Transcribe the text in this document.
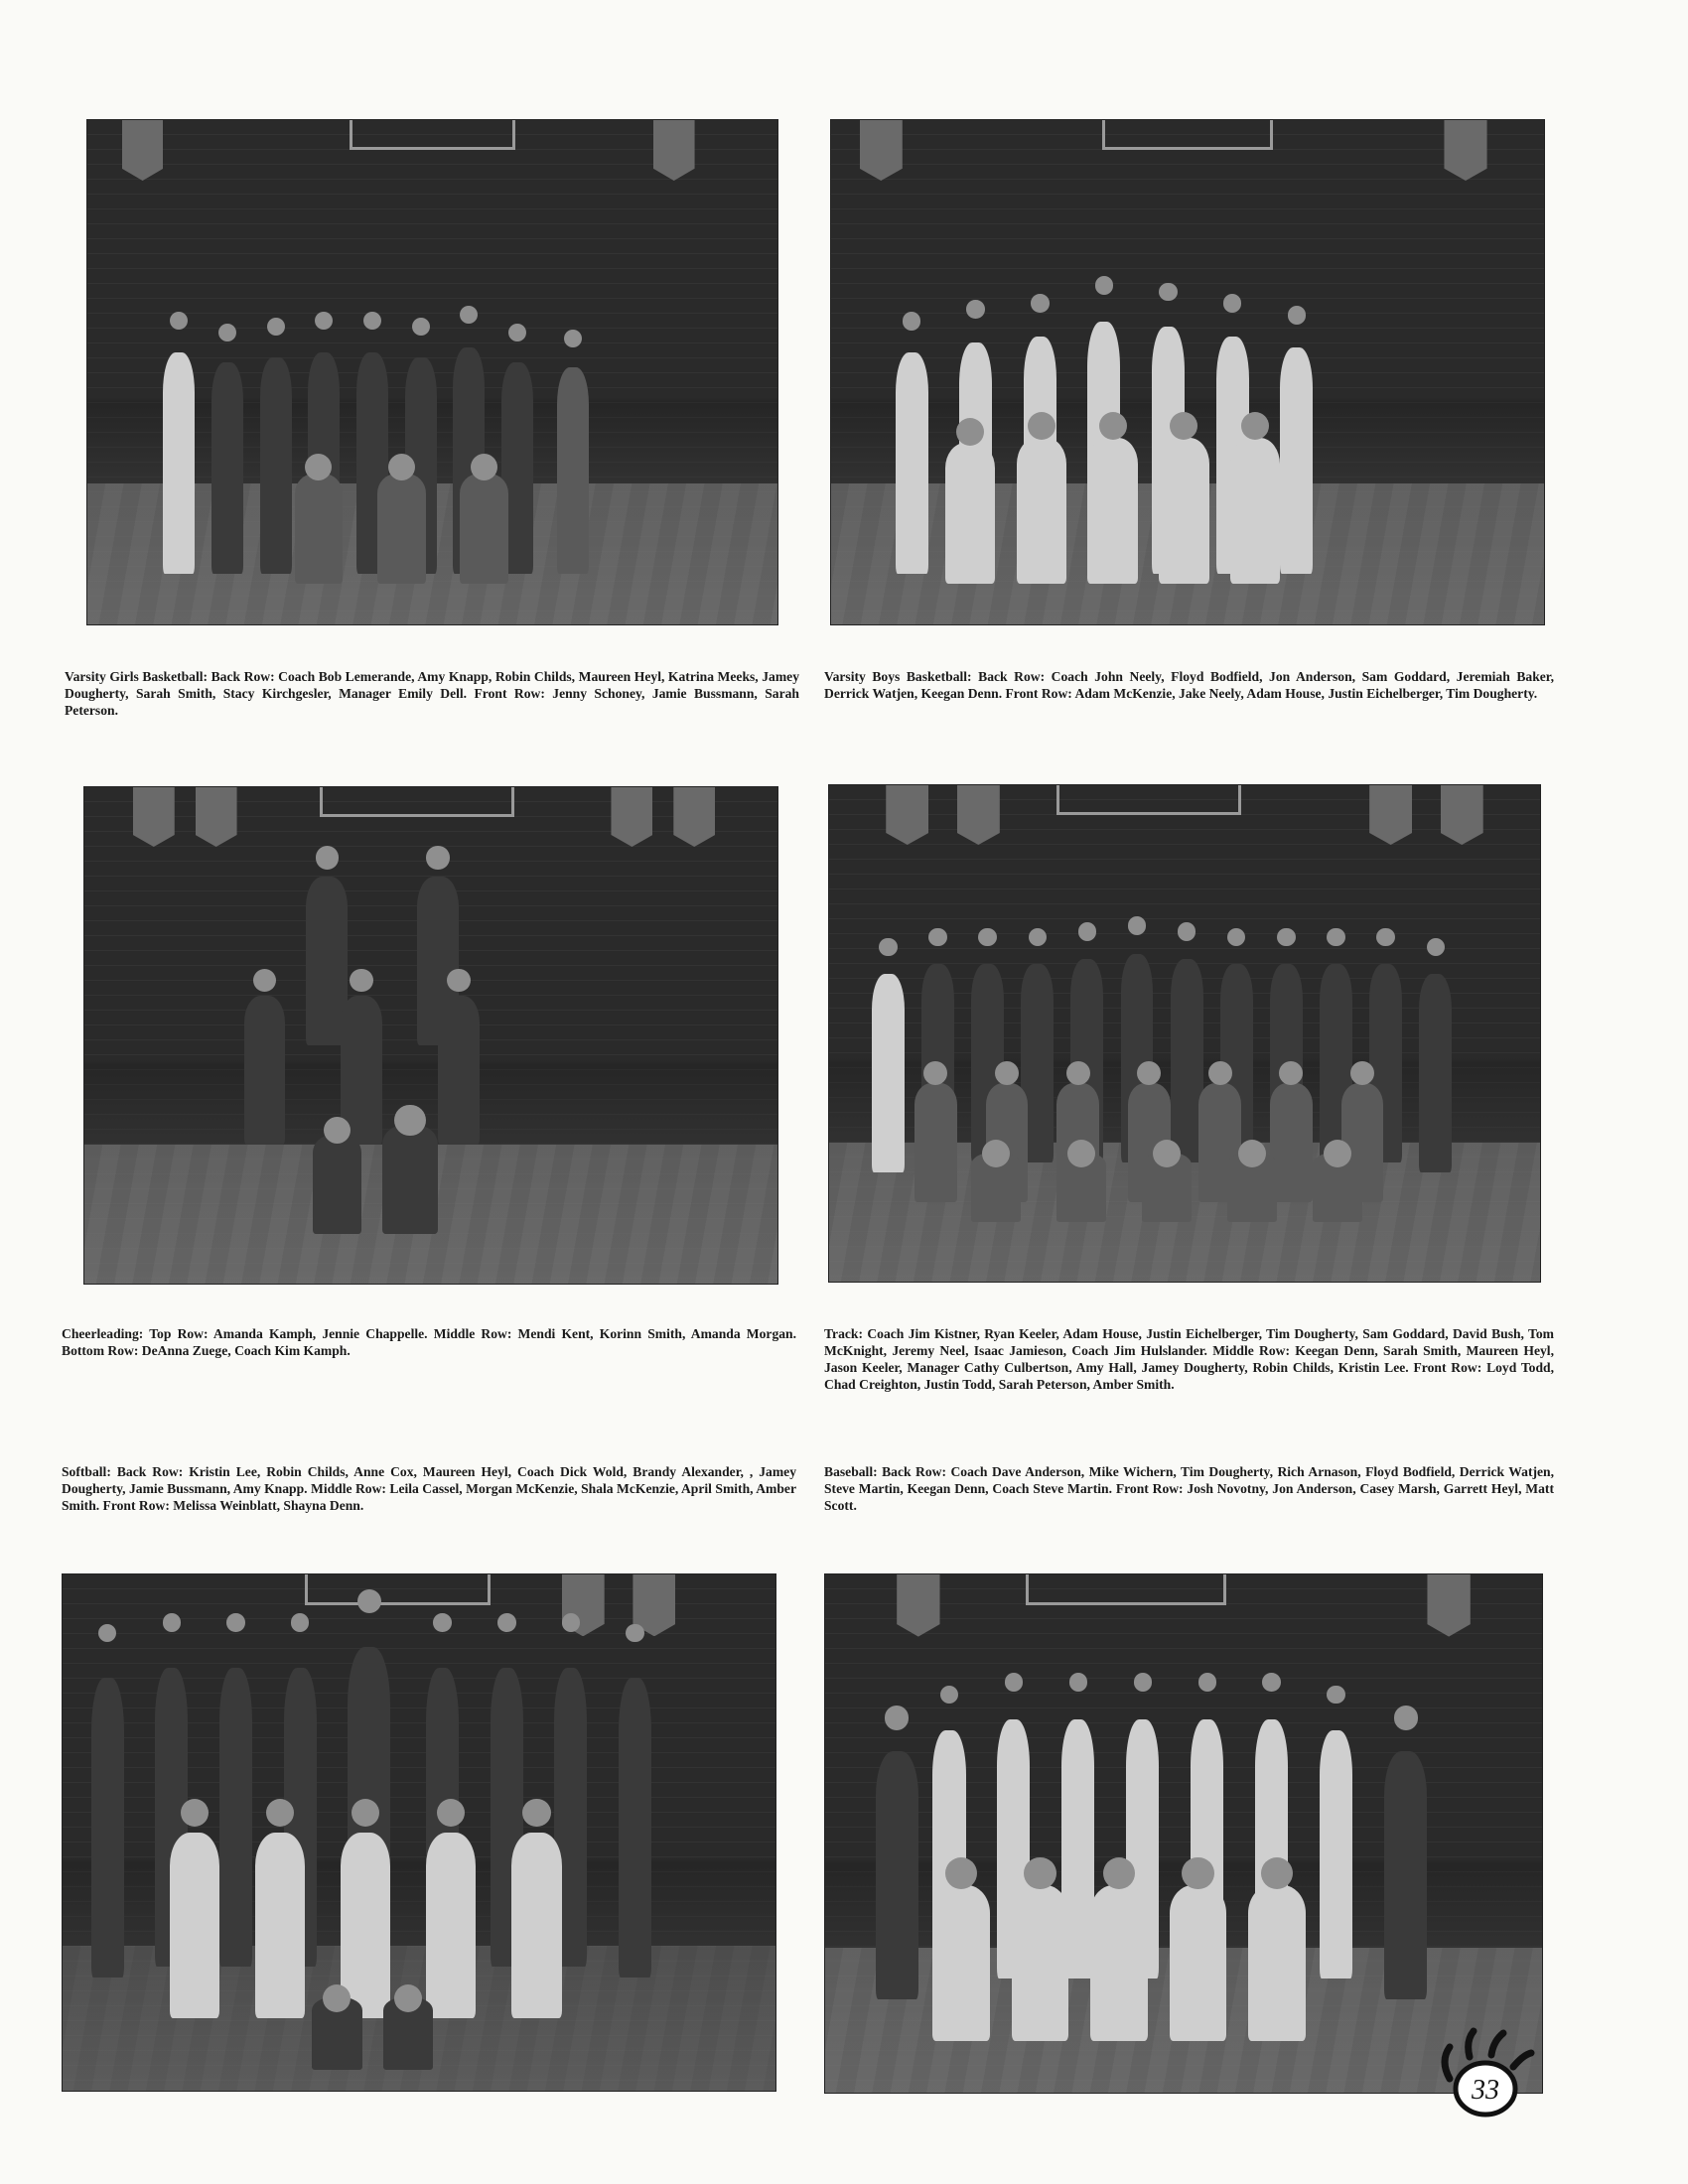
Varsity Girls Basketball: Back Row: Coach Bob Lemerande, Amy Knapp, Robin Childs, Maureen Heyl, Katrina Meeks, Jamey Dougherty, Sarah Smith, Stacy Kirchgesler, Manager Emily Dell. Front Row: Jenny Schoney, Jamie Bussmann, Sarah Peterson.
Varsity Boys Basketball: Back Row: Coach John Neely, Floyd Bodfield, Jon Anderson, Sam Goddard, Jeremiah Baker, Derrick Watjen, Keegan Denn. Front Row: Adam McKenzie, Jake Neely, Adam House, Justin Eichelberger, Tim Dougherty.
Cheerleading: Top Row: Amanda Kamph, Jennie Chappelle. Middle Row: Mendi Kent, Korinn Smith, Amanda Morgan. Bottom Row: DeAnna Zuege, Coach Kim Kamph.
Track: Coach Jim Kistner, Ryan Keeler, Adam House, Justin Eichelberger, Tim Dougherty, Sam Goddard, David Bush, Tom McKnight, Jeremy Neel, Isaac Jamieson, Coach Jim Hulslander. Middle Row: Keegan Denn, Sarah Smith, Maureen Heyl, Jason Keeler, Manager Cathy Culbertson, Amy Hall, Jamey Dougherty, Robin Childs, Kristin Lee. Front Row: Loyd Todd, Chad Creighton, Justin Todd, Sarah Peterson, Amber Smith.
Softball: Back Row: Kristin Lee, Robin Childs, Anne Cox, Maureen Heyl, Coach Dick Wold, Brandy Alexander, , Jamey Dougherty, Jamie Bussmann, Amy Knapp. Middle Row: Leila Cassel, Morgan McKenzie, Shala McKenzie, April Smith, Amber Smith. Front Row: Melissa Weinblatt, Shayna Denn.
Baseball: Back Row: Coach Dave Anderson, Mike Wichern, Tim Dougherty, Rich Arnason, Floyd Bodfield, Derrick Watjen, Steve Martin, Keegan Denn, Coach Steve Martin. Front Row: Josh Novotny, Jon Anderson, Casey Marsh, Garrett Heyl, Matt Scott.
33
